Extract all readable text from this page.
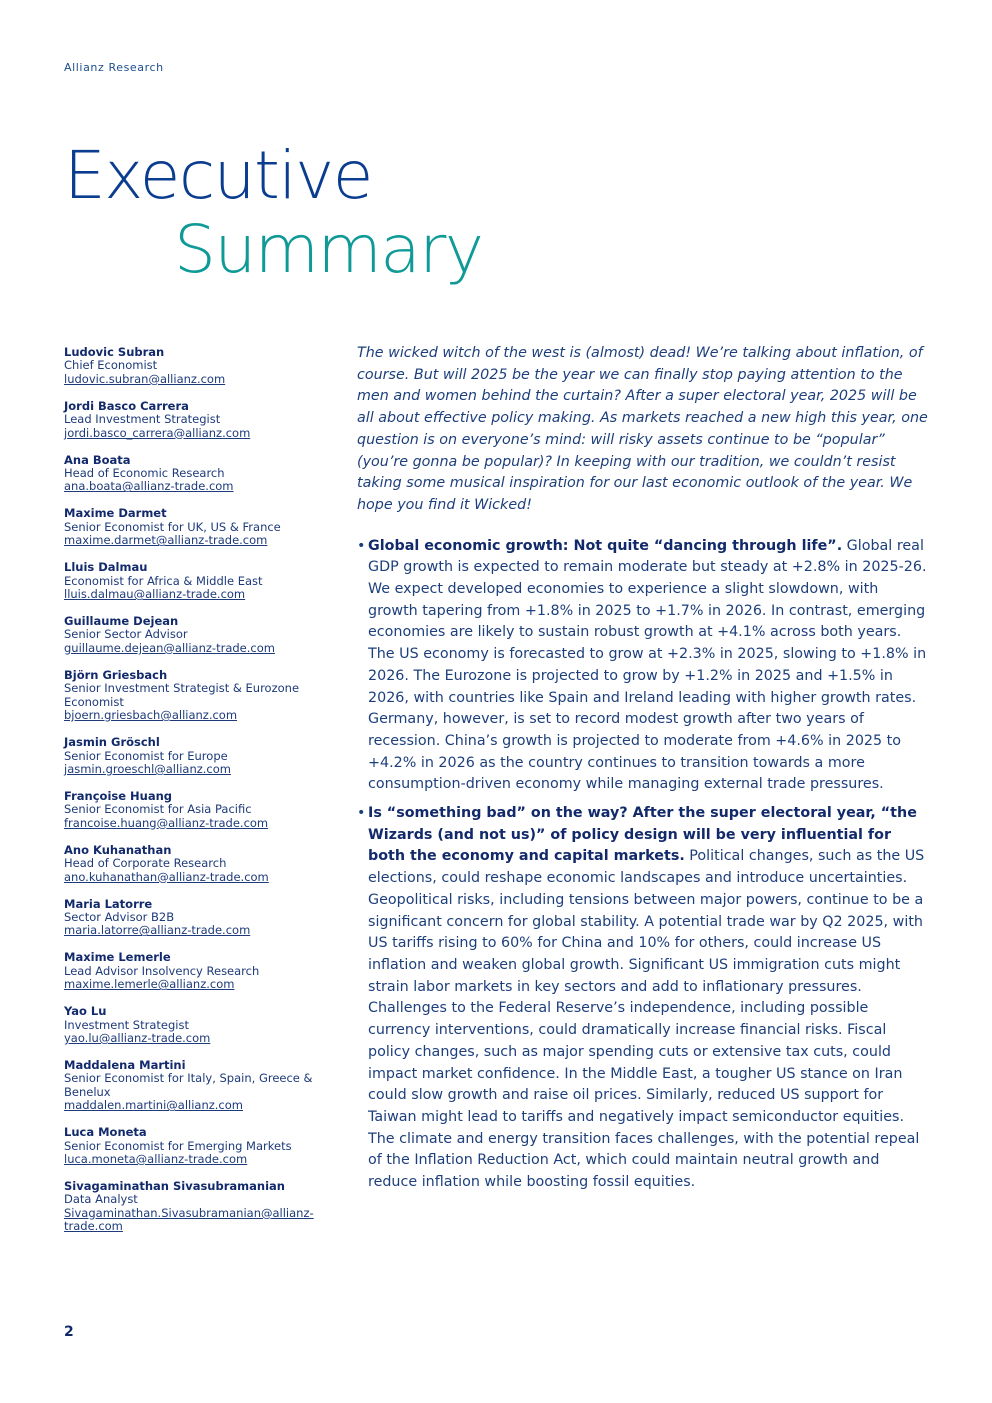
Allianz Research
Executive
Summary
Ludovic Subran
Chief Economist
ludovic.subran@allianz.com
Jordi Basco Carrera
Lead Investment Strategist
jordi.basco_carrera@allianz.com
Ana Boata
Head of Economic Research
ana.boata@allianz-trade.com
Maxime Darmet
Senior Economist for UK, US & France
maxime.darmet@allianz-trade.com
Lluis Dalmau
Economist for Africa & Middle East
lluis.dalmau@allianz-trade.com
Guillaume Dejean
Senior Sector Advisor
guillaume.dejean@allianz-trade.com
Björn Griesbach
Senior Investment Strategist & Eurozone Economist
bjoern.griesbach@allianz.com
Jasmin Gröschl
Senior Economist for Europe
jasmin.groeschl@allianz.com
Françoise Huang
Senior Economist for Asia Pacific
francoise.huang@allianz-trade.com
Ano Kuhanathan
Head of Corporate Research
ano.kuhanathan@allianz-trade.com
Maria Latorre
Sector Advisor B2B
maria.latorre@allianz-trade.com
Maxime Lemerle
Lead Advisor Insolvency Research
maxime.lemerle@allianz.com
Yao Lu
Investment Strategist
yao.lu@allianz-trade.com
Maddalena Martini
Senior Economist for Italy, Spain, Greece & Benelux
maddalen.martini@allianz.com
Luca Moneta
Senior Economist for Emerging Markets
luca.moneta@allianz-trade.com
Sivagaminathan Sivasubramanian
Data Analyst
Sivagaminathan.Sivasubramanian@allianz-trade.com

The wicked witch of the west is (almost) dead! We’re talking about inflation, of course. But will 2025 be the year we can finally stop paying attention to the men and women behind the curtain? After a super electoral year, 2025 will be all about effective policy making. As markets reached a new high this year, one question is on everyone’s mind: will risky assets continue to be “popular” (you’re gonna be popular)? In keeping with our tradition, we couldn’t resist taking some musical inspiration for our last economic outlook of the year. We hope you find it Wicked!

• Global economic growth: Not quite “dancing through life”. Global real GDP growth is expected to remain moderate but steady at +2.8% in 2025-26. We expect developed economies to experience a slight slowdown, with growth tapering from +1.8% in 2025 to +1.7% in 2026. In contrast, emerging economies are likely to sustain robust growth at +4.1% across both years. The US economy is forecasted to grow at +2.3% in 2025, slowing to +1.8% in 2026. The Eurozone is projected to grow by +1.2% in 2025 and +1.5% in 2026, with countries like Spain and Ireland leading with higher growth rates. Germany, however, is set to record modest growth after two years of recession. China’s growth is projected to moderate from +4.6% in 2025 to +4.2% in 2026 as the country continues to transition towards a more consumption-driven economy while managing external trade pressures.
• Is “something bad” on the way? After the super electoral year, “the Wizards (and not us)” of policy design will be very influential for both the economy and capital markets. Political changes, such as the US elections, could reshape economic landscapes and introduce uncertainties. Geopolitical risks, including tensions between major powers, continue to be a significant concern for global stability. A potential trade war by Q2 2025, with US tariffs rising to 60% for China and 10% for others, could increase US inflation and weaken global growth. Significant US immigration cuts might strain labor markets in key sectors and add to inflationary pressures. Challenges to the Federal Reserve’s independence, including possible currency interventions, could dramatically increase financial risks. Fiscal policy changes, such as major spending cuts or extensive tax cuts, could impact market confidence. In the Middle East, a tougher US stance on Iran could slow growth and raise oil prices. Similarly, reduced US support for Taiwan might lead to tariffs and negatively impact semiconductor equities. The climate and energy transition faces challenges, with the potential repeal of the Inflation Reduction Act, which could maintain neutral growth and reduce inflation while boosting fossil equities.
2
